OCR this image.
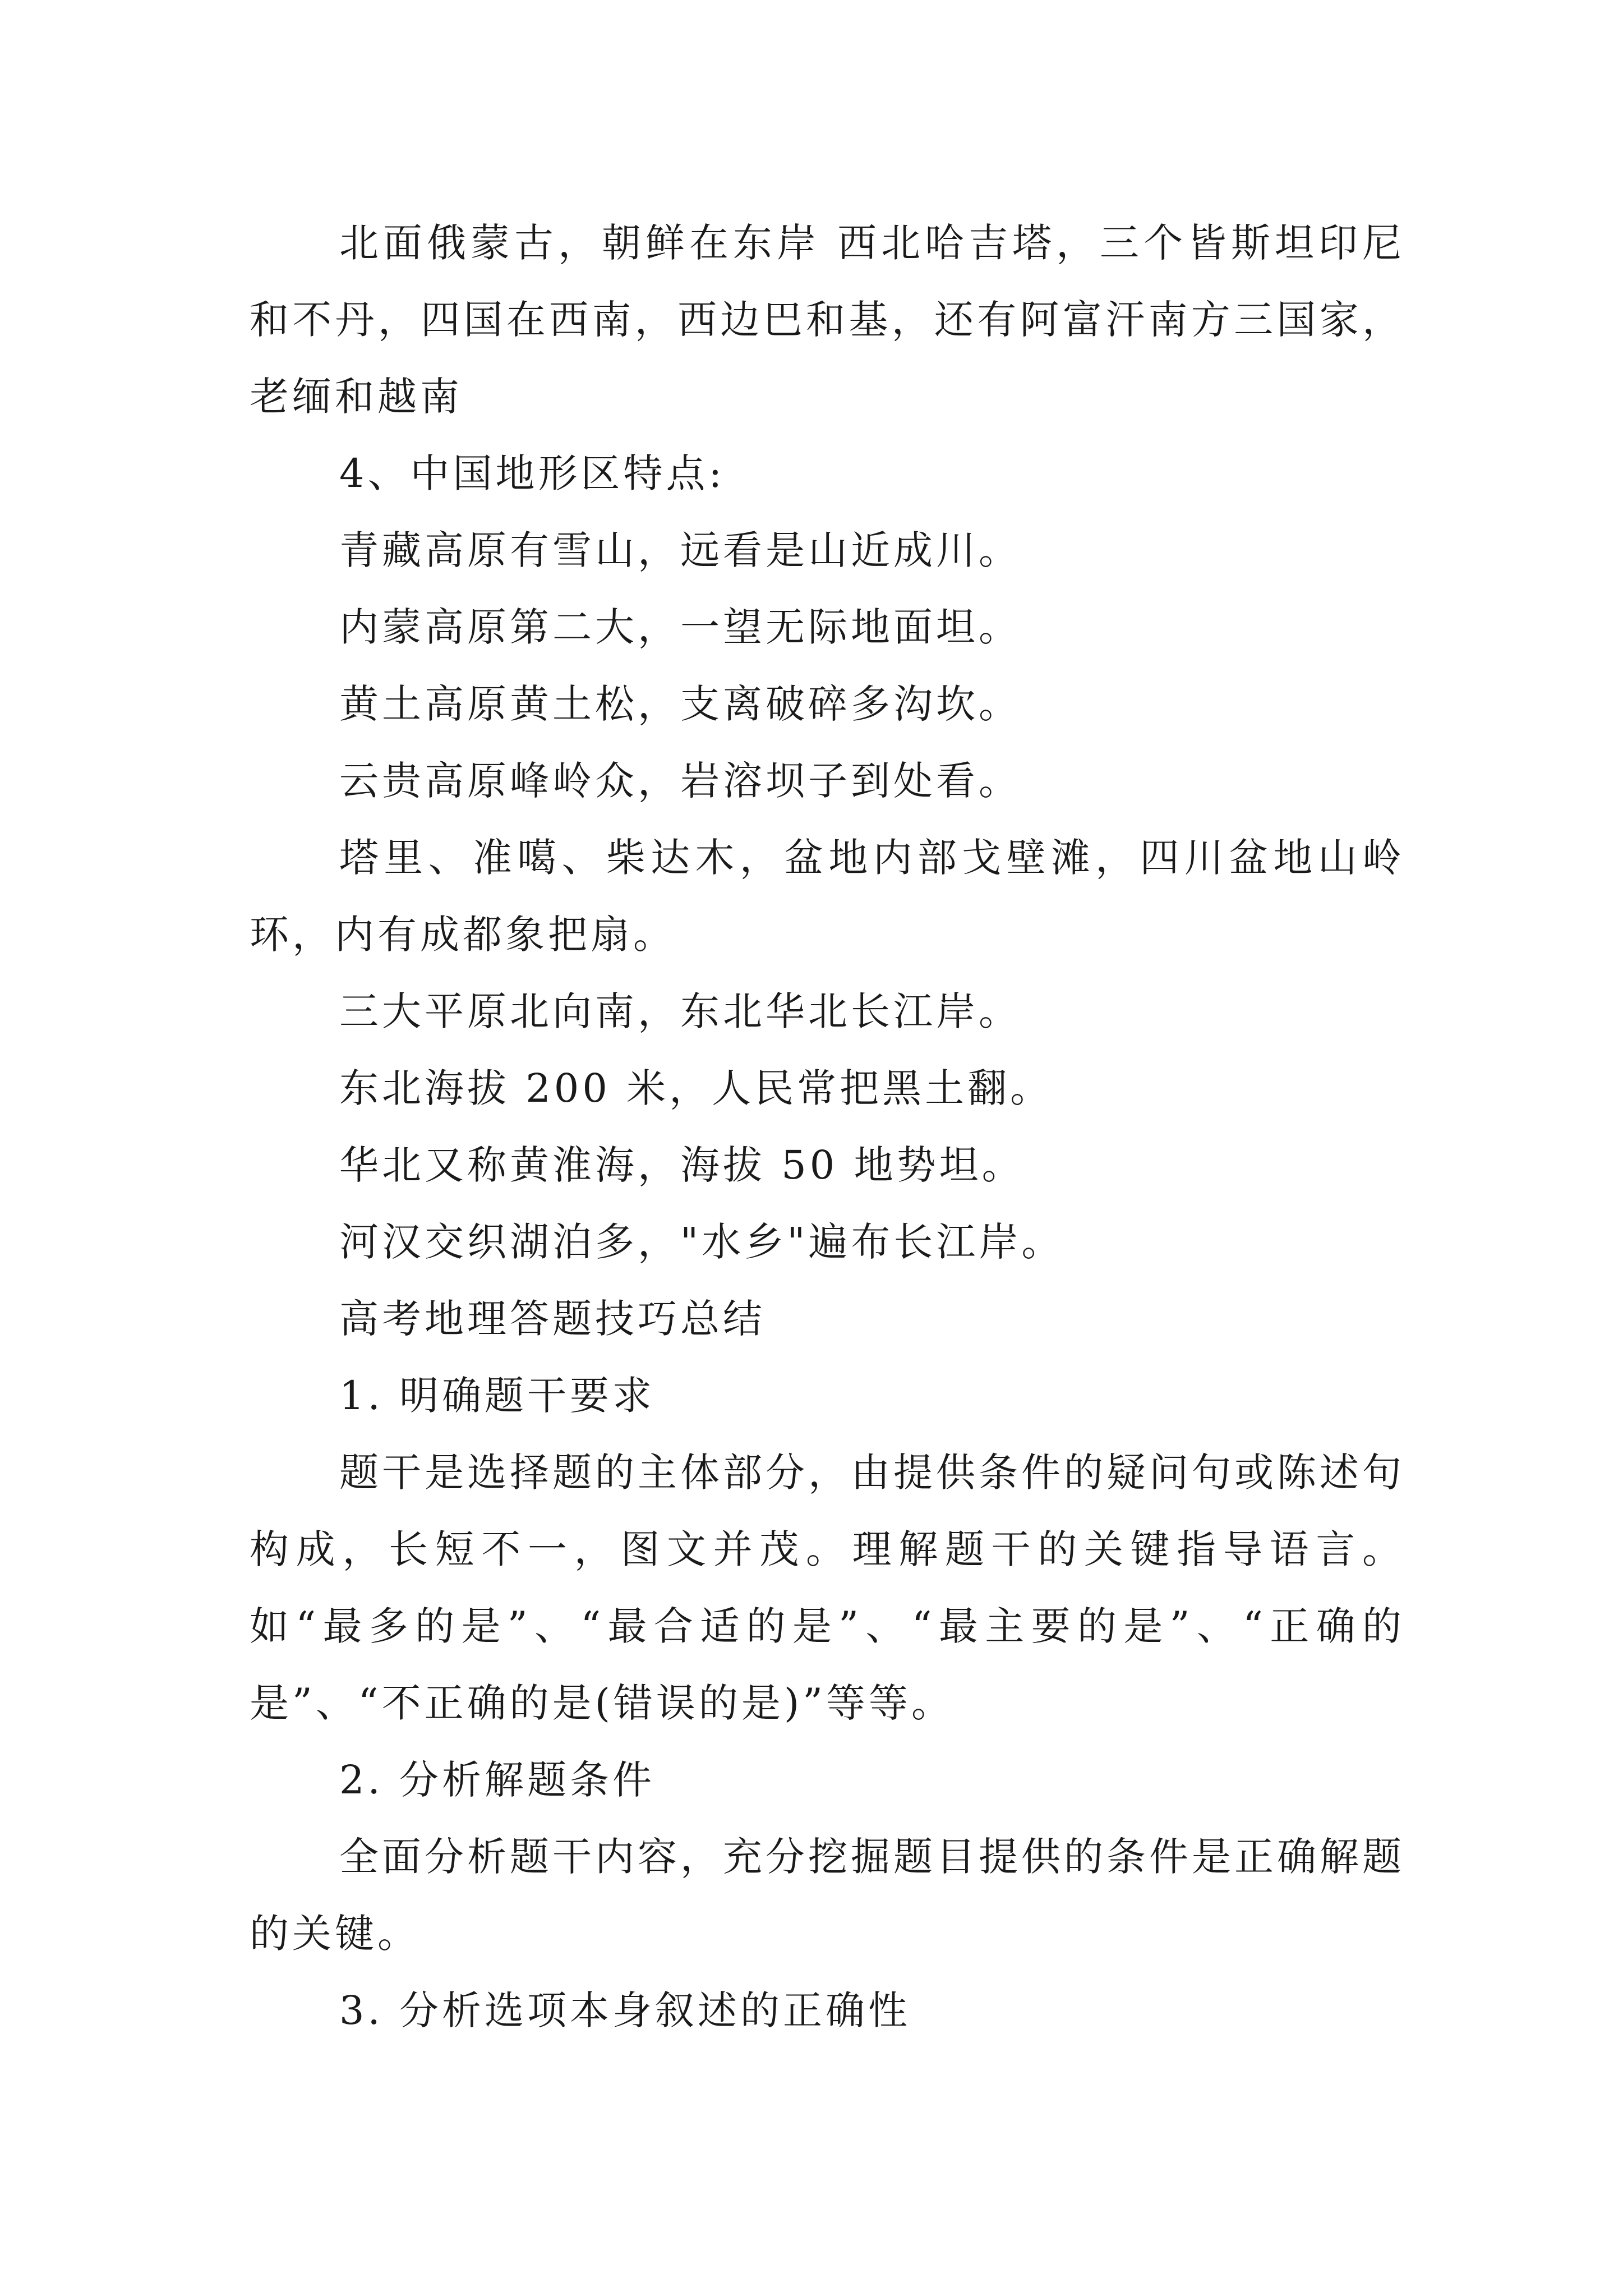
北面俄蒙古，朝鲜在东岸 西北哈吉塔，三个皆斯坦印尼和不丹，四国在西南，西边巴和基，还有阿富汗南方三国家，老缅和越南

4、中国地形区特点:

青藏高原有雪山，远看是山近成川。

内蒙高原第二大，一望无际地面坦。

黄土高原黄土松，支离破碎多沟坎。

云贵高原峰岭众，岩溶坝子到处看。

塔里、准噶、柴达木，盆地内部戈壁滩，四川盆地山岭环，内有成都象把扇。

三大平原北向南，东北华北长江岸。

东北海拔 200 米，人民常把黑土翻。

华北又称黄淮海，海拔 50 地势坦。

河汉交织湖泊多，"水乡"遍布长江岸。

高考地理答题技巧总结

1. 明确题干要求

题干是选择题的主体部分，由提供条件的疑问句或陈述句构成，长短不一，图文并茂。理解题干的关键指导语言。如“最多的是”、“最合适的是”、“最主要的是”、“正确的是”、“不正确的是(错误的是)”等等。

2. 分析解题条件

全面分析题干内容，充分挖掘题目提供的条件是正确解题的关键。

3. 分析选项本身叙述的正确性
